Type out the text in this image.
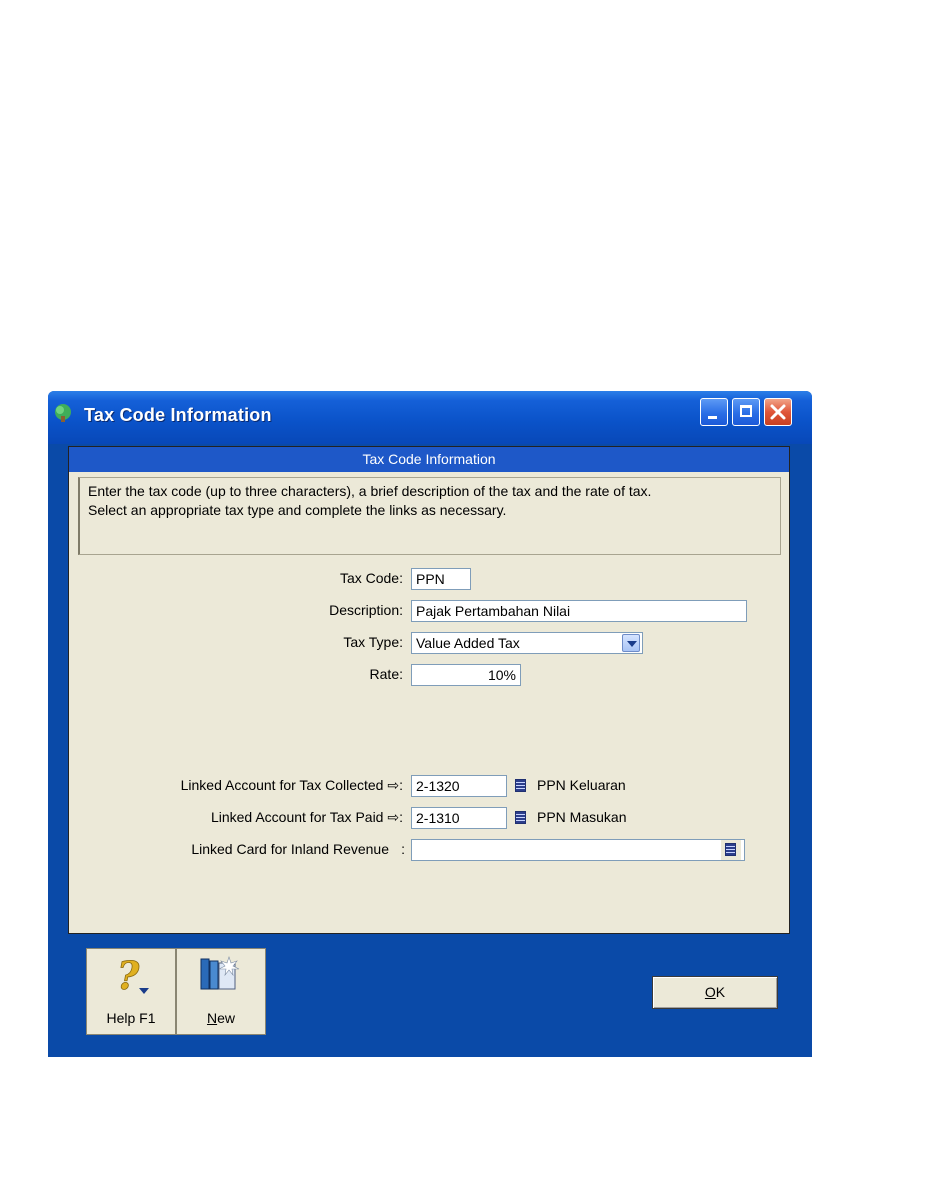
Tax Code Information
Tax Code Information
Enter the tax code (up to three characters), a brief description of the tax and the rate of tax.
Select an appropriate tax type and complete the links as necessary.
Tax Code: PPN
Description: Pajak Pertambahan Nilai
Tax Type: Value Added Tax
Rate:	10%
Linked Account for Tax Collected ⇨: 2-1320	PPN Keluaran
Linked Account for Tax Paid ⇨: 2-1310	PPN Masukan
Linked Card for Inland Revenue :
?
Help F1	New
OK
